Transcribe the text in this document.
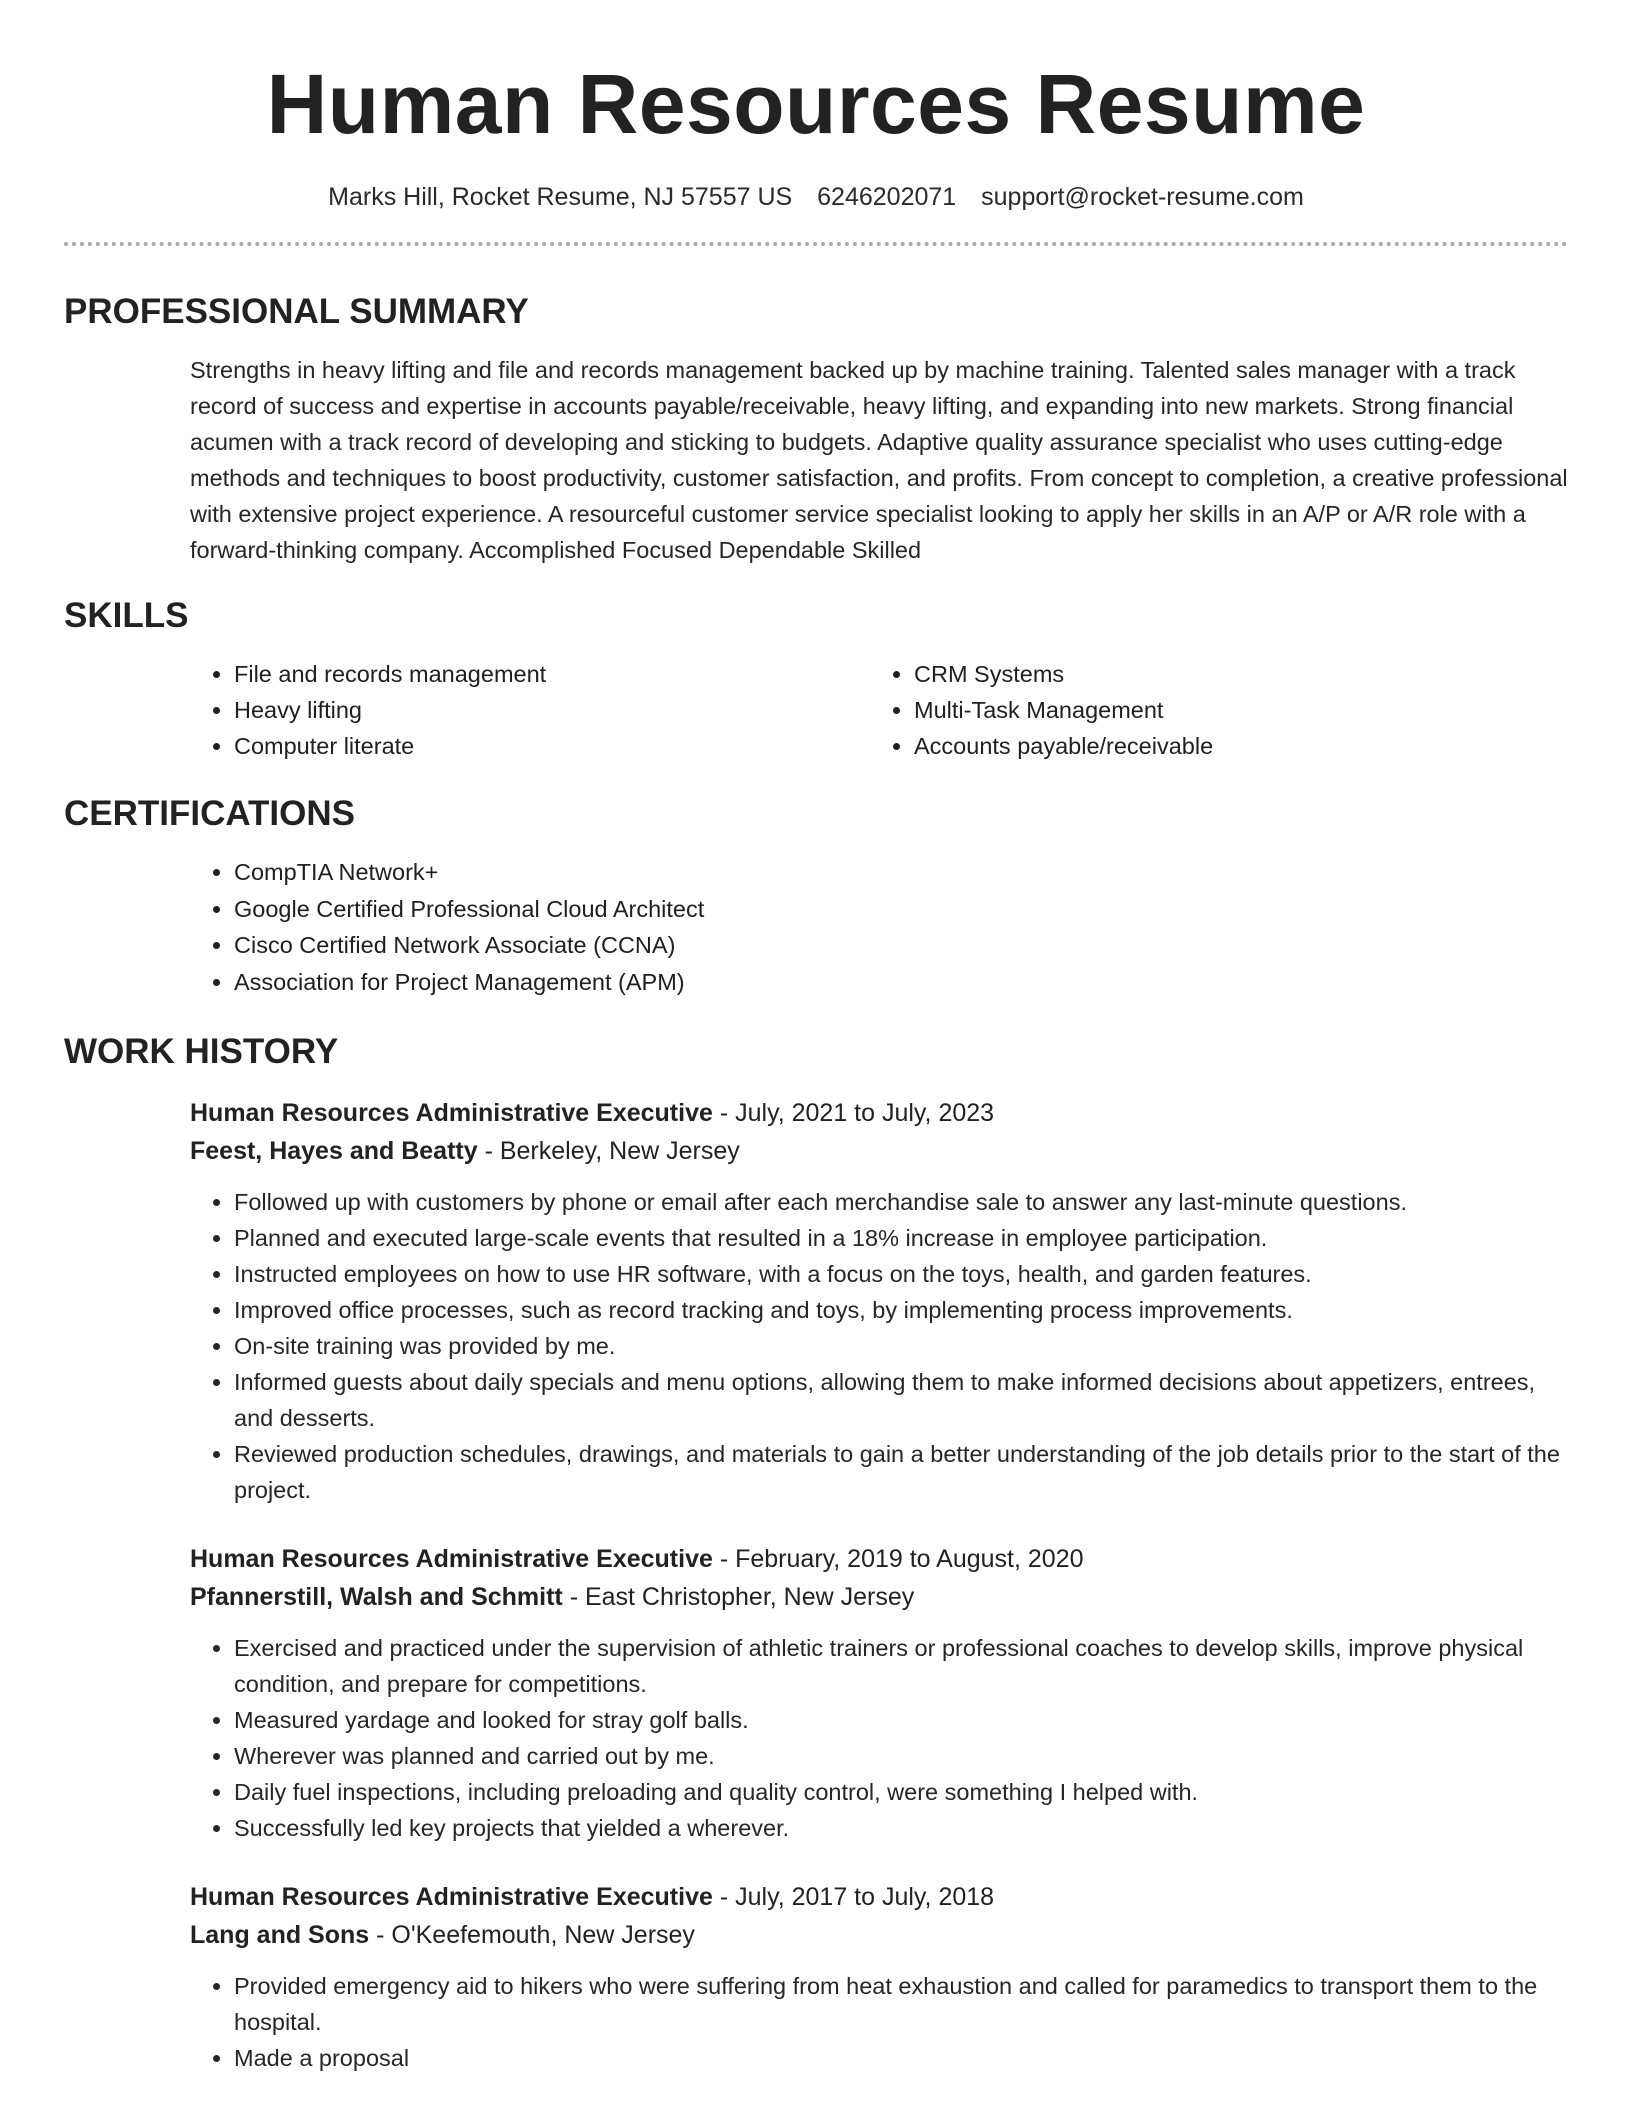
Human Resources Resume
Marks Hill, Rocket Resume, NJ 57557 US 6246202071 support@rocket-resume.com
PROFESSIONAL SUMMARY
Strengths in heavy lifting and file and records management backed up by machine training. Talented sales manager with a track record of success and expertise in accounts payable/receivable, heavy lifting, and expanding into new markets. Strong financial acumen with a track record of developing and sticking to budgets. Adaptive quality assurance specialist who uses cutting-edge methods and techniques to boost productivity, customer satisfaction, and profits. From concept to completion, a creative professional with extensive project experience. A resourceful customer service specialist looking to apply her skills in an A/P or A/R role with a forward-thinking company. Accomplished Focused Dependable Skilled
SKILLS
• File and records management
• Heavy lifting
• Computer literate
• CRM Systems
• Multi-Task Management
• Accounts payable/receivable
CERTIFICATIONS
• CompTIA Network+
• Google Certified Professional Cloud Architect
• Cisco Certified Network Associate (CCNA)
• Association for Project Management (APM)
WORK HISTORY
Human Resources Administrative Executive - July, 2021 to July, 2023
Feest, Hayes and Beatty - Berkeley, New Jersey
• Followed up with customers by phone or email after each merchandise sale to answer any last-minute questions.
• Planned and executed large-scale events that resulted in a 18% increase in employee participation.
• Instructed employees on how to use HR software, with a focus on the toys, health, and garden features.
• Improved office processes, such as record tracking and toys, by implementing process improvements.
• On-site training was provided by me.
• Informed guests about daily specials and menu options, allowing them to make informed decisions about appetizers, entrees, and desserts.
• Reviewed production schedules, drawings, and materials to gain a better understanding of the job details prior to the start of the project.
Human Resources Administrative Executive - February, 2019 to August, 2020
Pfannerstill, Walsh and Schmitt - East Christopher, New Jersey
• Exercised and practiced under the supervision of athletic trainers or professional coaches to develop skills, improve physical condition, and prepare for competitions.
• Measured yardage and looked for stray golf balls.
• Wherever was planned and carried out by me.
• Daily fuel inspections, including preloading and quality control, were something I helped with.
• Successfully led key projects that yielded a wherever.
Human Resources Administrative Executive - July, 2017 to July, 2018
Lang and Sons - O'Keefemouth, New Jersey
• Provided emergency aid to hikers who were suffering from heat exhaustion and called for paramedics to transport them to the hospital.
• Made a proposal
